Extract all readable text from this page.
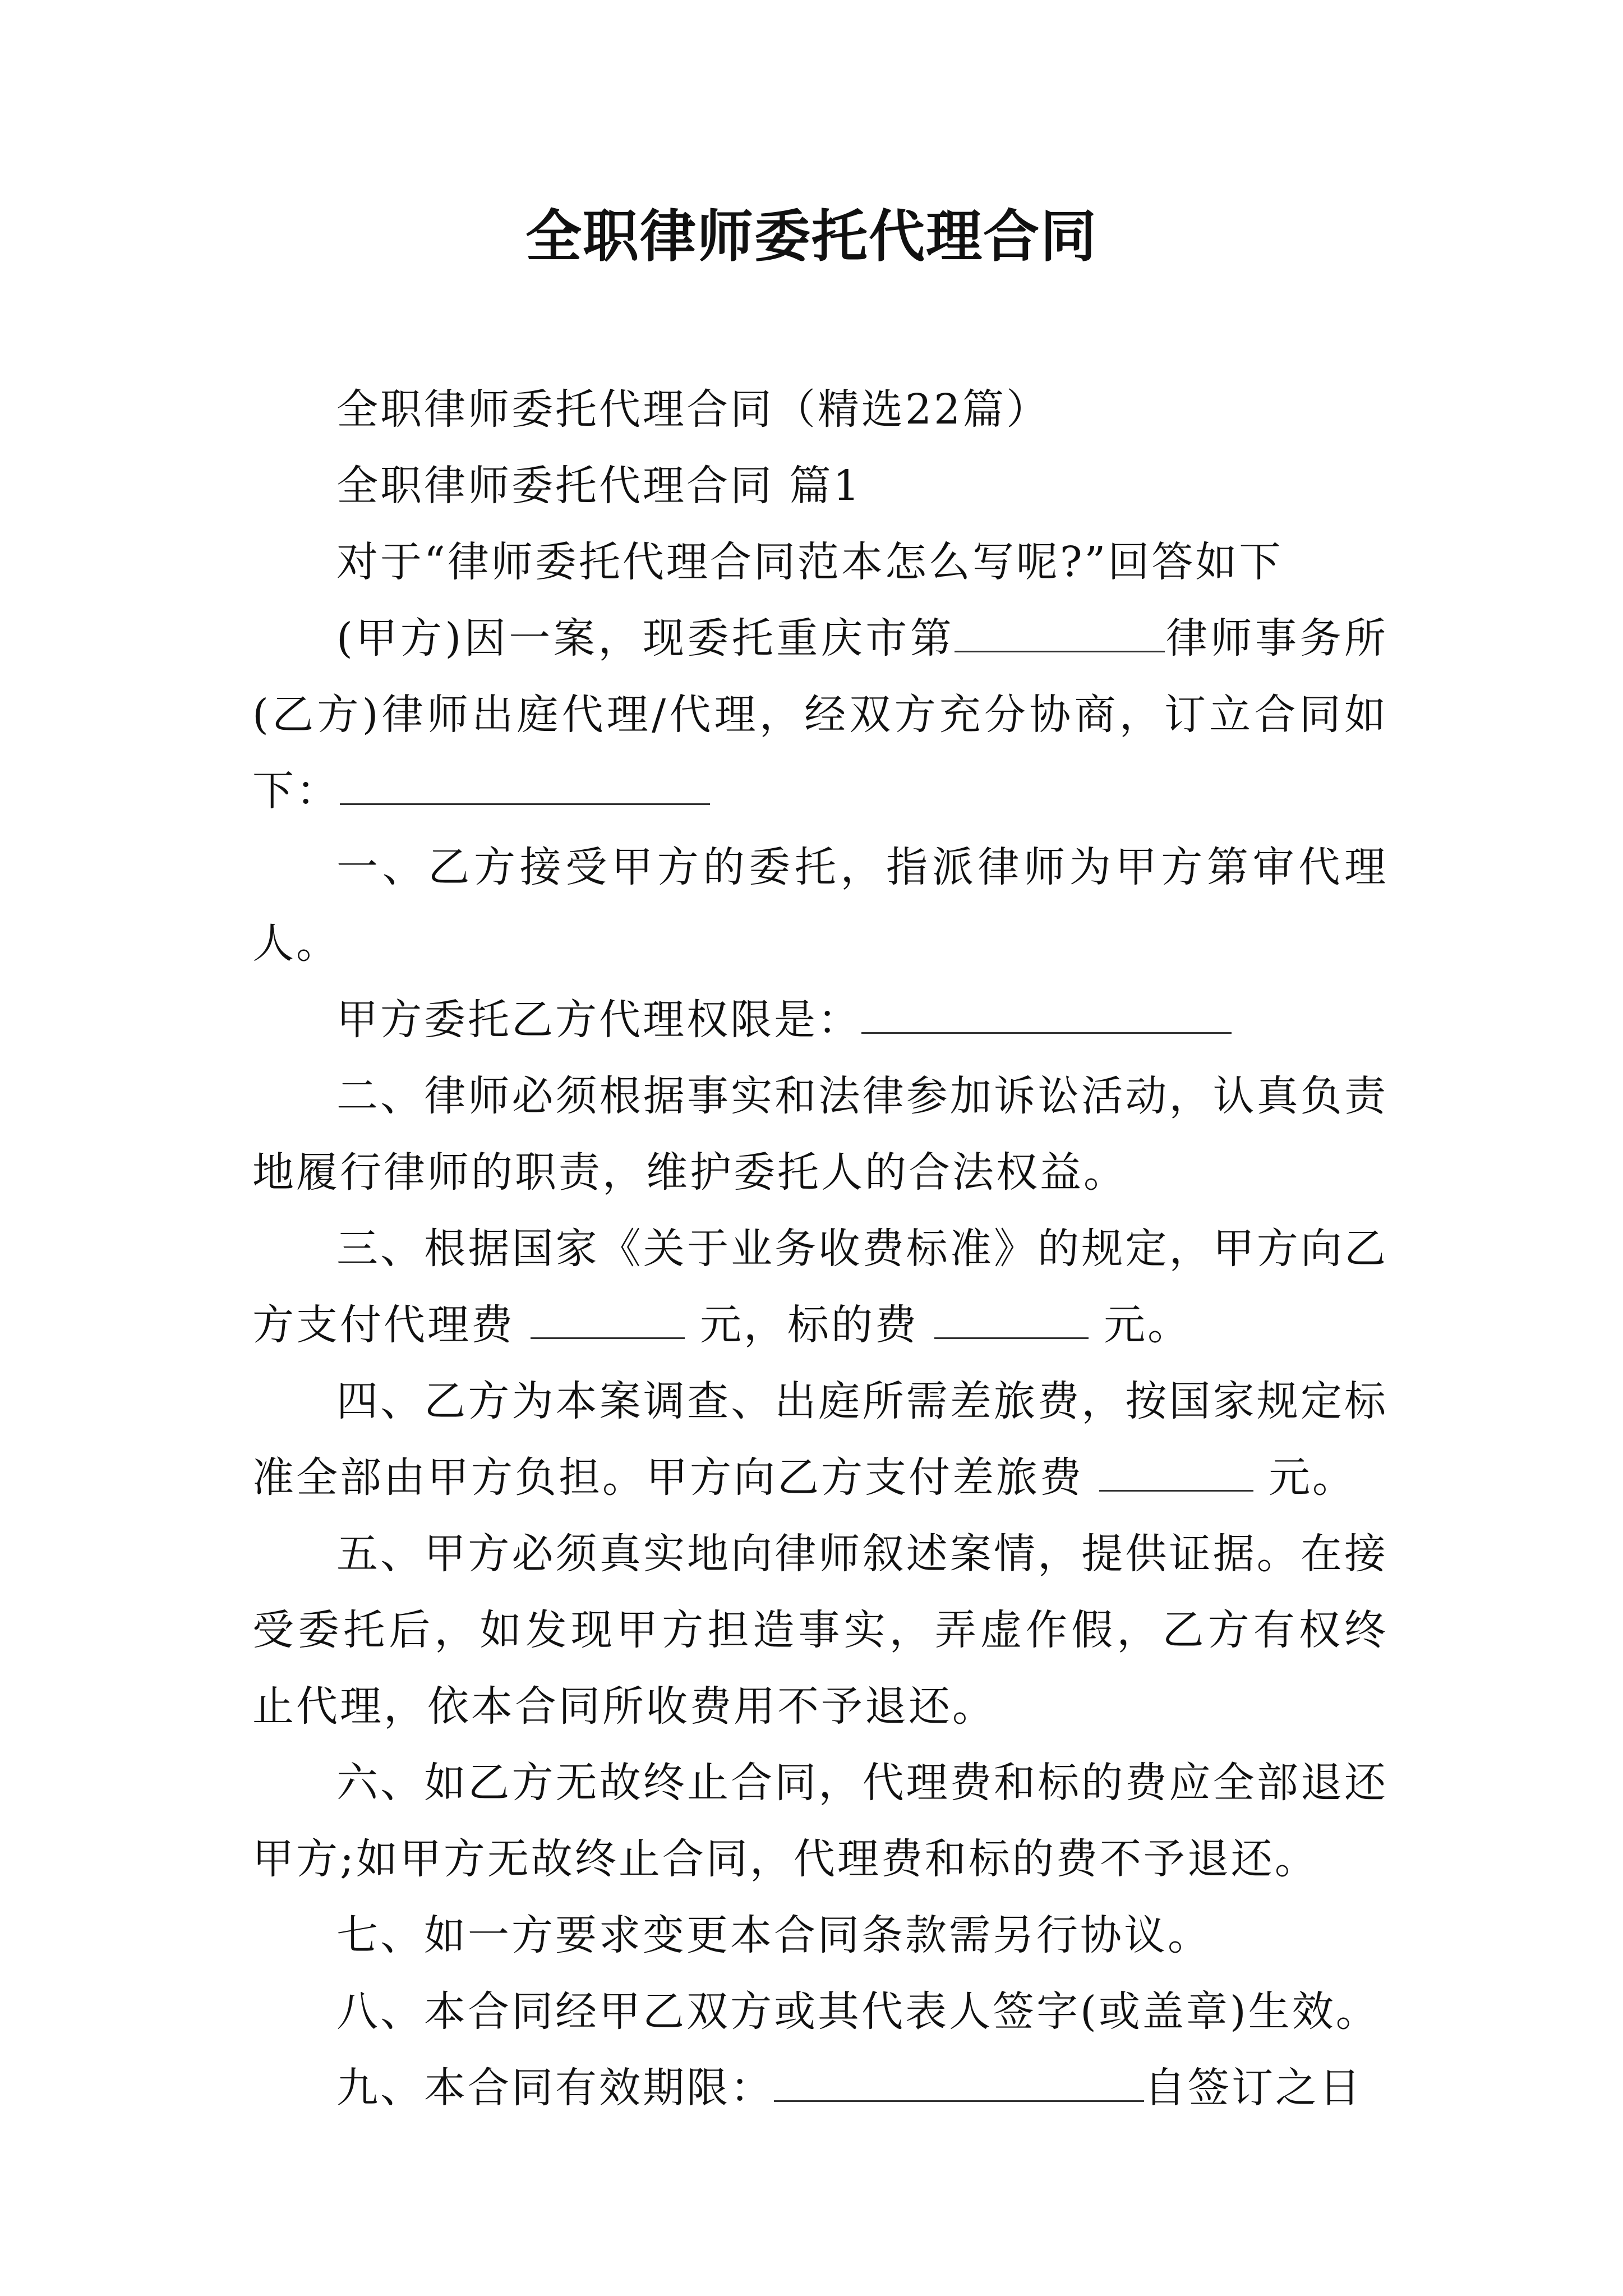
全职律师委托代理合同

全职律师委托代理合同（精选22篇）

全职律师委托代理合同 篇1

对于“律师委托代理合同范本怎么写呢?”回答如下

(甲方)因一案，现委托重庆市第	律师事务所(乙方)律师出庭代理/代理，经双方充分协商，订立合同如下：

一、乙方接受甲方的委托，指派律师为甲方第审代理人。

甲方委托乙方代理权限是：

二、律师必须根据事实和法律参加诉讼活动，认真负责地履行律师的职责，维护委托人的合法权益。

三、根据国家《关于业务收费标准》的规定，甲方向乙方支付代理费	元，标的费	元。

四、乙方为本案调查、出庭所需差旅费，按国家规定标准全部由甲方负担。甲方向乙方支付差旅费	元。

五、甲方必须真实地向律师叙述案情，提供证据。在接受委托后，如发现甲方担造事实，弄虚作假，乙方有权终止代理，依本合同所收费用不予退还。

六、如乙方无故终止合同，代理费和标的费应全部退还甲方;如甲方无故终止合同，代理费和标的费不予退还。

七、如一方要求变更本合同条款需另行协议。

八、本合同经甲乙双方或其代表人签字(或盖章)生效。

九、本合同有效期限：	自签订之日
